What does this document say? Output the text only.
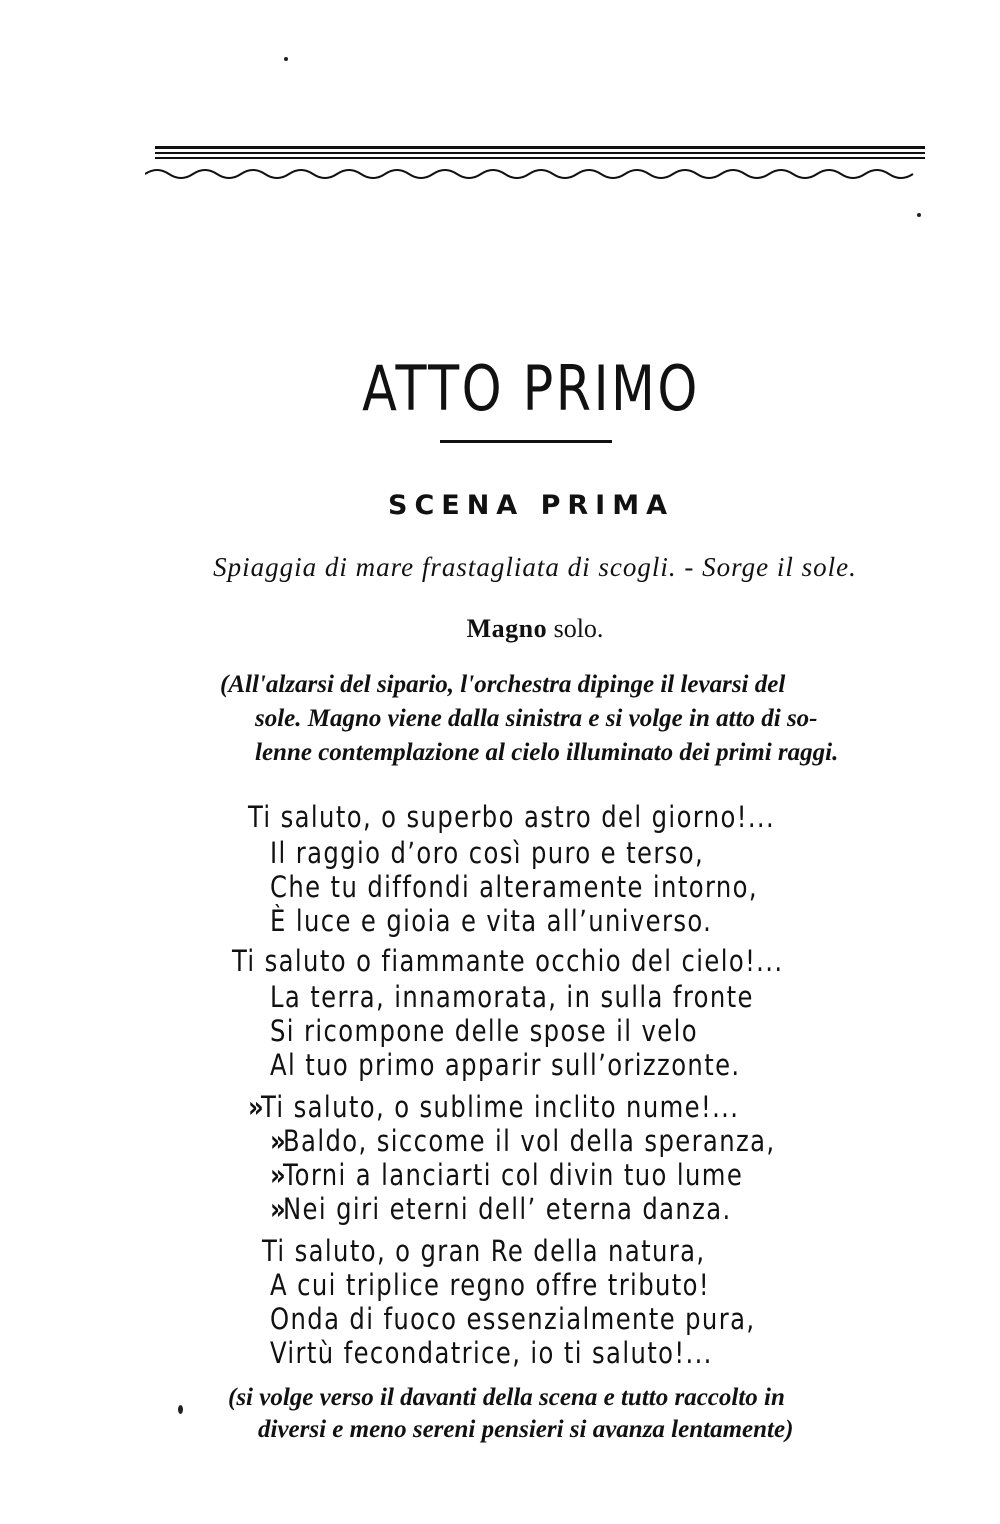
ATTO PRIMO
SCENA PRIMA
Spiaggia di mare frastagliata di scogli. - Sorge il sole.
Magno solo.
(All'alzarsi del sipario, l'orchestra dipinge il levarsi del
sole. Magno viene dalla sinistra e si volge in atto di so-
lenne contemplazione al cielo illuminato dei primi raggi.
Ti saluto, o superbo astro del giorno!...
Il raggio d’oro così puro e terso,
Che tu diffondi alteramente intorno,
È luce e gioia e vita all’universo.
Ti saluto o fiammante occhio del cielo!...
La terra, innamorata, in sulla fronte
Si ricompone delle spose il velo
Al tuo primo apparir sull’orizzonte.
»Ti saluto, o sublime inclito nume!...
»Baldo, siccome il vol della speranza,
»Torni a lanciarti col divin tuo lume
»Nei giri eterni dell’ eterna danza.
Ti saluto, o gran Re della natura,
A cui triplice regno offre tributo!
Onda di fuoco essenzialmente pura,
Virtù fecondatrice, io ti saluto!...
(si volge verso il davanti della scena e tutto raccolto in
diversi e meno sereni pensieri si avanza lentamente)
